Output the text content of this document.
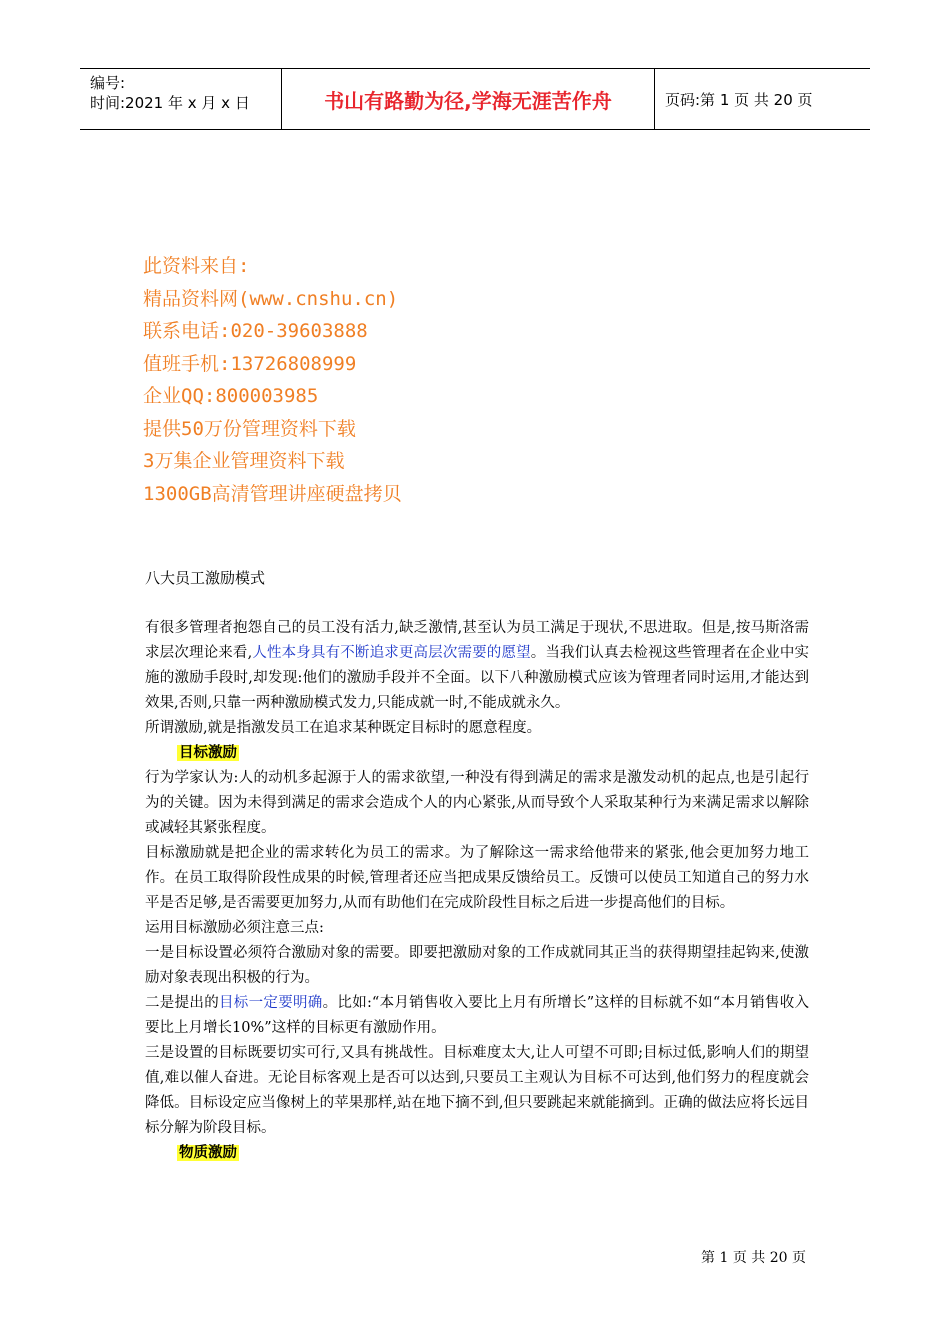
编号:
时间:2021 年 x 月 x 日	书山有路勤为径,学海无涯苦作舟	页码:第 1 页 共 20 页
此资料来自:
精品资料网(www.cnshu.cn)
联系电话:020-39603888
值班手机:13726808999
企业QQ:800003985
提供50万份管理资料下载
3万集企业管理资料下载
1300GB高清管理讲座硬盘拷贝
八大员工激励模式

有很多管理者抱怨自己的员工没有活力,缺乏激情,甚至认为员工满足于现状,不思进取。但是,按马斯洛需求层次理论来看,人性本身具有不断追求更高层次需要的愿望。当我们认真去检视这些管理者在企业中实施的激励手段时,却发现:他们的激励手段并不全面。以下八种激励模式应该为管理者同时运用,才能达到效果,否则,只靠一两种激励模式发力,只能成就一时,不能成就永久。

所谓激励,就是指激发员工在追求某种既定目标时的愿意程度。

目标激励

行为学家认为:人的动机多起源于人的需求欲望,一种没有得到满足的需求是激发动机的起点,也是引起行为的关键。因为未得到满足的需求会造成个人的内心紧张,从而导致个人采取某种行为来满足需求以解除或减轻其紧张程度。

目标激励就是把企业的需求转化为员工的需求。为了解除这一需求给他带来的紧张,他会更加努力地工作。在员工取得阶段性成果的时候,管理者还应当把成果反馈给员工。反馈可以使员工知道自己的努力水平是否足够,是否需要更加努力,从而有助他们在完成阶段性目标之后进一步提高他们的目标。

运用目标激励必须注意三点:

一是目标设置必须符合激励对象的需要。即要把激励对象的工作成就同其正当的获得期望挂起钩来,使激励对象表现出积极的行为。

二是提出的目标一定要明确。比如:“本月销售收入要比上月有所增长”这样的目标就不如“本月销售收入要比上月增长10%”这样的目标更有激励作用。

三是设置的目标既要切实可行,又具有挑战性。目标难度太大,让人可望不可即;目标过低,影响人们的期望值,难以催人奋进。无论目标客观上是否可以达到,只要员工主观认为目标不可达到,他们努力的程度就会降低。目标设定应当像树上的苹果那样,站在地下摘不到,但只要跳起来就能摘到。正确的做法应将长远目标分解为阶段目标。

物质激励

第 1 页 共 20 页
